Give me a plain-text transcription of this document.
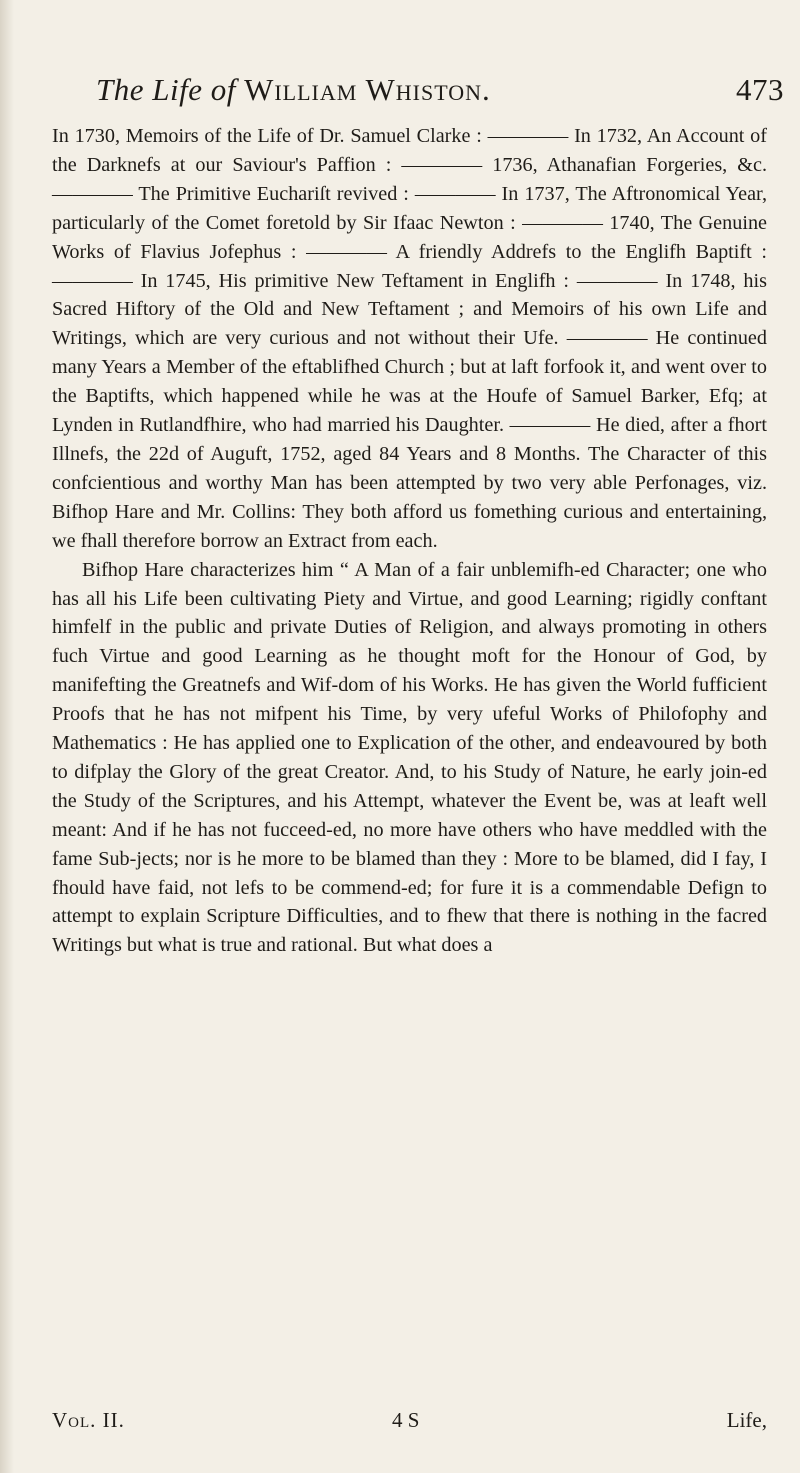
The Life of William Whiston.	473

In 1730, Memoirs of the Life of Dr. Samuel Clarke : ———— In 1732, An Account of the Darknefs at our Saviour's Paffion : ———— 1736, Athanafian Forgeries, &c. ———— The Primitive Euchariſt revived : ———— In 1737, The Aftronomical Year, particularly of the Comet foretold by Sir Ifaac Newton : ———— 1740, The Genuine Works of Flavius Jofephus : ———— A friendly Addrefs to the Englifh Baptift : ———— In 1745, His primitive New Teftament in Englifh : ———— In 1748, his Sacred Hiftory of the Old and New Teftament ; and Memoirs of his own Life and Writings, which are very curious and not without their Ufe. ———— He continued many Years a Member of the eftablifhed Church ; but at laft forfook it, and went over to the Baptifts, which happened while he was at the Houfe of Samuel Barker, Efq; at Lynden in Rutlandfhire, who had married his Daughter. ———— He died, after a fhort Illnefs, the 22d of Auguft, 1752, aged 84 Years and 8 Months. The Character of this confcientious and worthy Man has been attempted by two very able Perfonages, viz. Bifhop Hare and Mr. Collins: They both afford us fomething curious and entertaining, we fhall therefore borrow an Extract from each.

Bifhop Hare characterizes him “ A Man of a fair unblemifh-ed Character; one who has all his Life been cultivating Piety and Virtue, and good Learning; rigidly conftant himfelf in the public and private Duties of Religion, and always promoting in others fuch Virtue and good Learning as he thought moft for the Honour of God, by manifefting the Greatnefs and Wif-dom of his Works. He has given the World fufficient Proofs that he has not mifpent his Time, by very ufeful Works of Philofophy and Mathematics : He has applied one to Explication of the other, and endeavoured by both to difplay the Glory of the great Creator. And, to his Study of Nature, he early join-ed the Study of the Scriptures, and his Attempt, whatever the Event be, was at leaft well meant: And if he has not fucceed-ed, no more have others who have meddled with the fame Sub-jects; nor is he more to be blamed than they : More to be blamed, did I fay, I fhould have faid, not lefs to be commend-ed; for fure it is a commendable Defign to attempt to explain Scripture Difficulties, and to fhew that there is nothing in the facred Writings but what is true and rational. But what does a

Vol. II.	4 S	Life,
